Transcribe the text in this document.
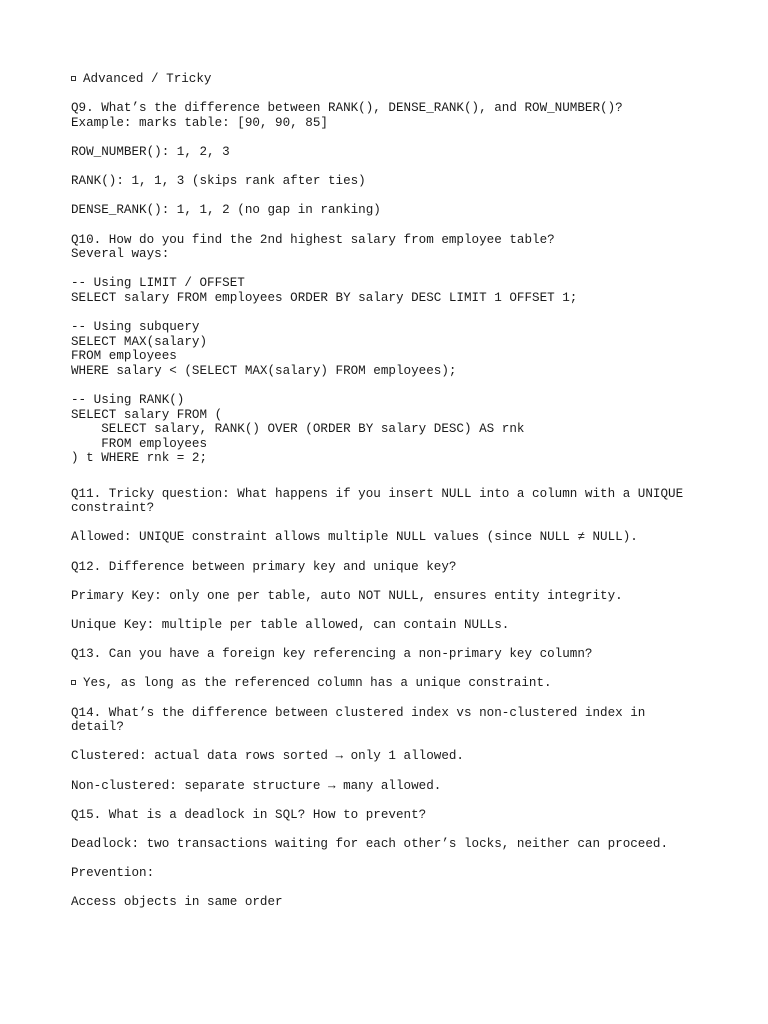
Advanced / Tricky
Q9. What’s the difference between RANK(), DENSE_RANK(), and ROW_NUMBER()?
Example: marks table: [90, 90, 85]
ROW_NUMBER(): 1, 2, 3
RANK(): 1, 1, 3 (skips rank after ties)
DENSE_RANK(): 1, 1, 2 (no gap in ranking)
Q10. How do you find the 2nd highest salary from employee table?
Several ways:
-- Using LIMIT / OFFSET
SELECT salary FROM employees ORDER BY salary DESC LIMIT 1 OFFSET 1;
-- Using subquery
SELECT MAX(salary)
FROM employees
WHERE salary < (SELECT MAX(salary) FROM employees);
-- Using RANK()
SELECT salary FROM (
SELECT salary, RANK() OVER (ORDER BY salary DESC) AS rnk
FROM employees
) t WHERE rnk = 2;
Q11. Tricky question: What happens if you insert NULL into a column with a UNIQUE
constraint?
Allowed: UNIQUE constraint allows multiple NULL values (since NULL ≠ NULL).
Q12. Difference between primary key and unique key?
Primary Key: only one per table, auto NOT NULL, ensures entity integrity.
Unique Key: multiple per table allowed, can contain NULLs.
Q13. Can you have a foreign key referencing a non-primary key column?
Yes, as long as the referenced column has a unique constraint.
Q14. What’s the difference between clustered index vs non-clustered index in
detail?
Clustered: actual data rows sorted → only 1 allowed.
Non-clustered: separate structure → many allowed.
Q15. What is a deadlock in SQL? How to prevent?
Deadlock: two transactions waiting for each other’s locks, neither can proceed.
Prevention:
Access objects in same order
